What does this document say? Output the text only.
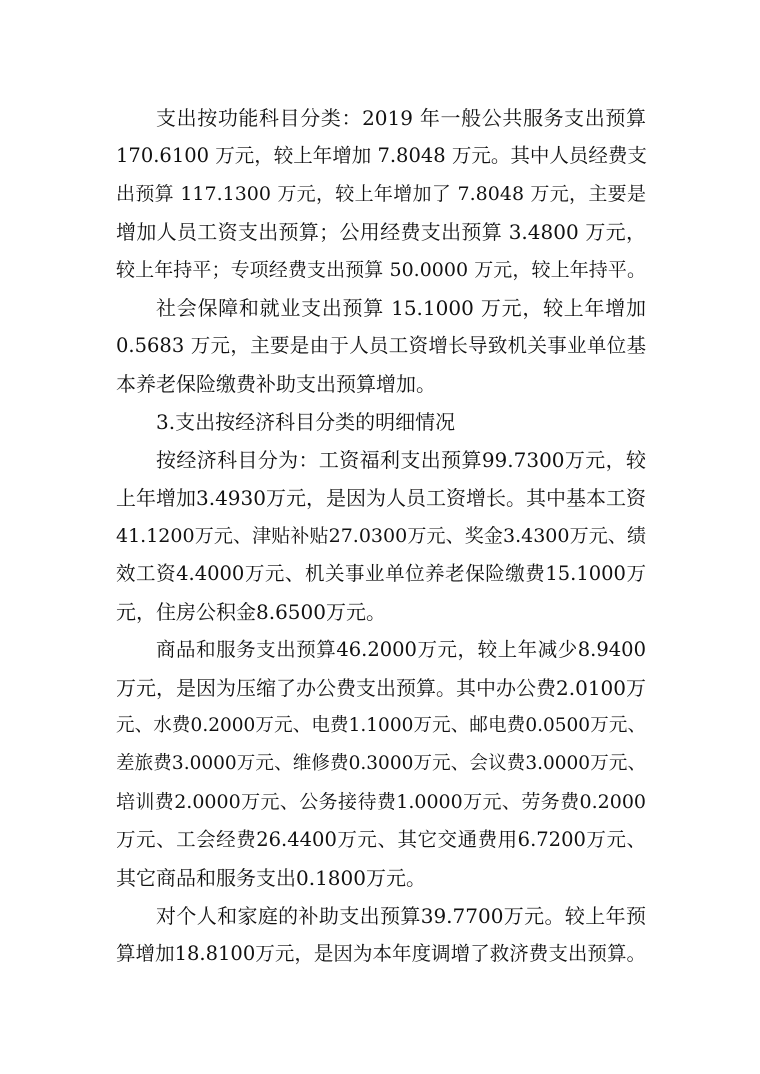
支出按功能科目分类：2019 年一般公共服务支出预算
170.6100 万元，较上年增加 7.8048 万元。其中人员经费支
出预算 117.1300 万元，较上年增加了 7.8048 万元，主要是
增加人员工资支出预算；公用经费支出预算 3.4800 万元，
较上年持平；专项经费支出预算 50.0000 万元，较上年持平。
社会保障和就业支出预算 15.1000 万元，较上年增加
0.5683 万元，主要是由于人员工资增长导致机关事业单位基
本养老保险缴费补助支出预算增加。
3.支出按经济科目分类的明细情况
按经济科目分为：工资福利支出预算99.7300万元，较
上年增加3.4930万元，是因为人员工资增长。其中基本工资
41.1200万元、津贴补贴27.0300万元、奖金3.4300万元、绩
效工资4.4000万元、机关事业单位养老保险缴费15.1000万
元，住房公积金8.6500万元。
商品和服务支出预算46.2000万元，较上年减少8.9400
万元，是因为压缩了办公费支出预算。其中办公费2.0100万
元、水费0.2000万元、电费1.1000万元、邮电费0.0500万元、
差旅费3.0000万元、维修费0.3000万元、会议费3.0000万元、
培训费2.0000万元、公务接待费1.0000万元、劳务费0.2000
万元、工会经费26.4400万元、其它交通费用6.7200万元、
其它商品和服务支出0.1800万元。
对个人和家庭的补助支出预算39.7700万元。较上年预
算增加18.8100万元，是因为本年度调增了救济费支出预算。
